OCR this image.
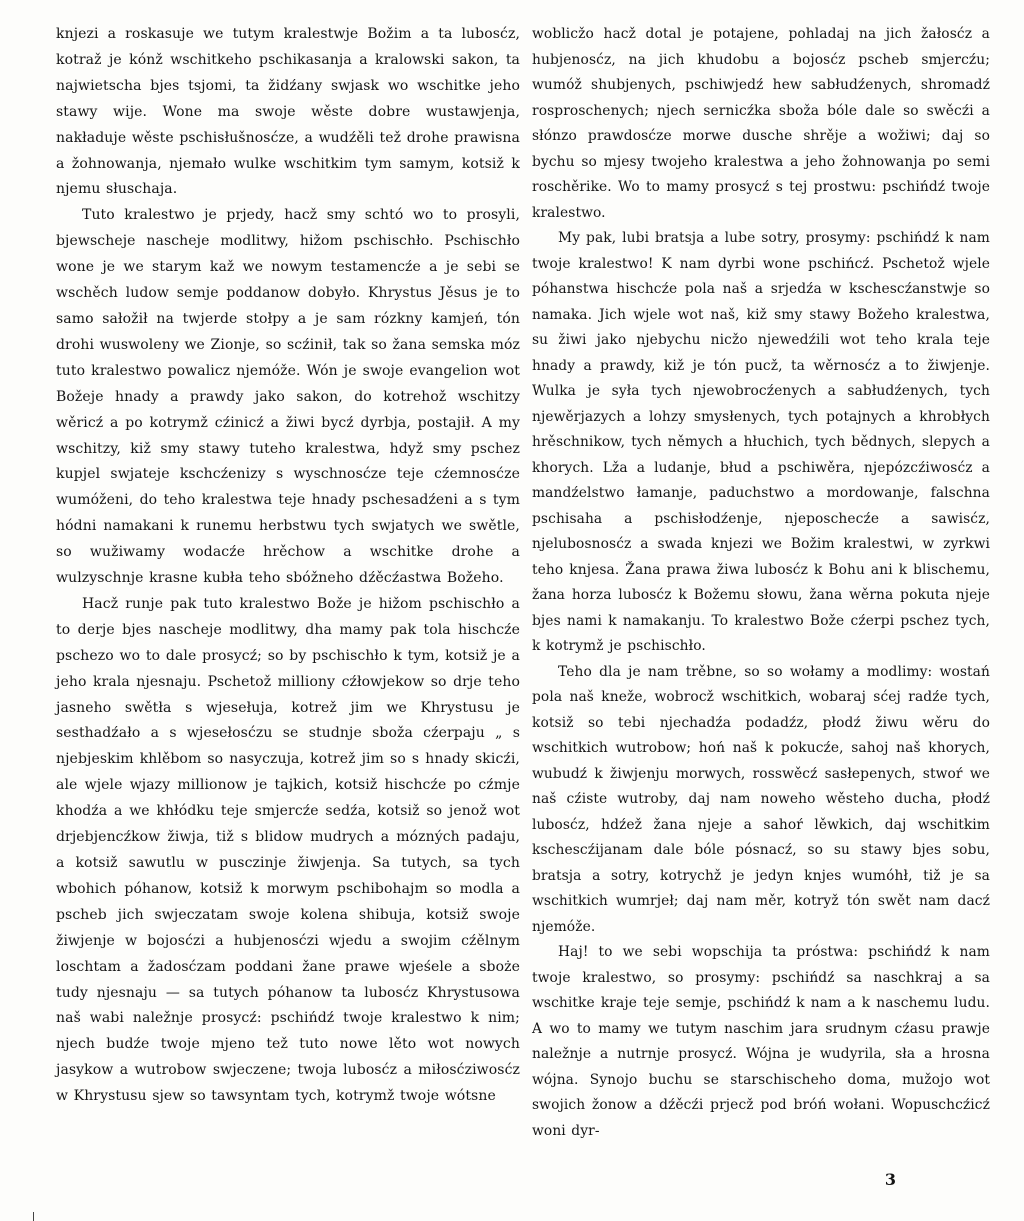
knjezi a roskasuje we tutym kralestwje Božim a ta lubosćz, kotraž je kónž wschitkeho pschikasanja a kralowski sakon, ta najwietscha bjes tsjomi, ta židźany swjask wo wschitke jeho stawy wije. Wone ma swoje wěste dobre wustawjenja, nakładuje wěste pschisłušnosćze, a wudźěli tež drohe prawisna a žohnowanja, njemało wulke wschitkim tym samym, kotsiž k njemu słuschaja.

Tuto kralestwo je prjedy, hacž smy schtó wo to prosyli, bjewscheje nascheje modlitwy, hižom pschischło. Pschischło wone je we starym kaž we nowym testamencźe a je sebi se wschěch ludow semje poddanow dobyło. Khrystus Jěsus je to samo sałožił na twjerde stołpy a je sam rózkny kamjeń, tón drohi wuswoleny we Zionje, so scźinił, tak so žana semska móz tuto kralestwo powalicz njemóže. Wón je swoje evangelion wot Božeje hnady a prawdy jako sakon, do kotrehož wschitzy wěricź a po kotrymž cźinicź a žiwi bycź dyrbja, postajił. A my wschitzy, kiž smy stawy tuteho kralestwa, hdyž smy pschez kupjel swjateje kschcźenizy s wyschnosćze teje cźemnosćze wumóženi, do teho kralestwa teje hnady pschesadźeni a s tym hódni namakani k runemu herbstwu tych swjatych we swětle, so wužiwamy wodacźe hrěchow a wschitke drohe a wulzyschnje krasne kubła teho sbóžneho dźěcźastwa Božeho.

Hacž runje pak tuto kralestwo Bože je hižom pschischło a to derje bjes nascheje modlitwy, dha mamy pak tola hischcźe pschezo wo to dale prosycź; so by pschischło k tym, kotsiž je a jeho krala njesnaju. Pschetož milliony cźłowjekow so drje teho jasneho swětła s wjesełuja, kotrež jim we Khrystusu je sesthadźało a s wjesełosćzu se studnje sboža cźerpaju „ s njebjeskim khlěbom so nasyczuja, kotrež jim so s hnady skicźi, ale wjele wjazy millionow je tajkich, kotsiž hischcźe po cźmje khodźa a we khłódku teje smjercźe sedźa, kotsiž so jenož wot drjebjencźkow žiwja, tiž s blidow mudrych a mózných padaju, a kotsiž sawutlu w pusczinje žiwjenja. Sa tutych, sa tych wbohich póhanow, kotsiž k morwym pschibohajm so modla a pscheb jich swjeczatam swoje kolena shibuja, kotsiž swoje žiwjenje w bojosćzi a hubjenosćzi wjedu a swojim cźělnym loschtam a žadosćzam poddani žane prawe wjeśele a sboże tudy njesnaju — sa tutych póhanow ta lubosćz Khrystusowa naš wabi naležnje prosycź: pschińdź twoje kralestwo k nim; njech budźe twoje mjeno tež tuto nowe lěto wot nowych jasykow a wutrobow swjeczene; twoja lubosćz a miłosćziwosćz w Khrystusu sjew so tawsyntam tych, kotrymž twoje wótsne

woblicžo hacž dotal je potajene, pohladaj na jich žałosćz a hubjenosćz, na jich khudobu a bojosćz pscheb smjercźu; wumóž shubjenych, pschiwjedź hew sabłudźenych, shromadź rosproschenych; njech sernicźka sboža bóle dale so swěcźi a słónzo prawdosćze morwe dusche shrěje a wožiwi; daj so bychu so mjesy twojeho kralestwa a jeho žohnowanja po semi roschěrike. Wo to mamy prosycź s tej prostwu: pschińdź twoje kralestwo.

My pak, lubi bratsja a lube sotry, prosymy: pschińdź k nam twoje kralestwo! K nam dyrbi wone pschińcź. Pschetož wjele póhanstwa hischcźe pola naš a srjedźa w kschescźanstwje so namaka. Jich wjele wot naš, kiž smy stawy Božeho kralestwa, su žiwi jako njebychu nicžo njewedźili wot teho krala teje hnady a prawdy, kiž je tón pucž, ta wěrnosćz a to žiwjenje. Wulka je syła tych njewobrocźenych a sabłudźenych, tych njewěrjazych a lohzy smysłenych, tych potajnych a khrobłych hrěschnikow, tych němych a hłuchich, tych bědnych, slepych a khorych. Lža a ludanje, błud a pschiwěra, njepózcźiwosćz a mandźelstwo łamanje, paduchstwo a mordowanje, falschna pschisaha a pschisłodźenje, njeposchecźe a sawisćz, njelubosnosćz a swada knjezi we Božim kralestwi, w zyrkwi teho knjesa. Žana prawa žiwa lubosćz k Bohu ani k blischemu, žana horza lubosćz k Božemu słowu, žana wěrna pokuta njeje bjes nami k namakanju. To kralestwo Bože cźerpi pschez tych, k kotrymž je pschischło.

Teho dla je nam trěbne, so so wołamy a modlimy: wostań pola naš kneže, wobrocž wschitkich, wobaraj sćej radźe tych, kotsiž so tebi njechadźa podadźz, płodź žiwu wěru do wschitkich wutrobow; hoń naš k pokucźe, sahoj naš khorych, wubudź k žiwjenju morwych, rosswěcź sasłepenych, stwoŕ we naš cźiste wutroby, daj nam noweho wěsteho ducha, płodź lubosćz, hdźež žana njeje a sahoŕ lěwkich, daj wschitkim kschescźijanam dale bóle pósnacź, so su stawy bjes sobu, bratsja a sotry, kotrychž je jedyn knjes wumóhł, tiž je sa wschitkich wumrjeł; daj nam měr, kotryž tón swět nam dacź njemóže.

Haj! to we sebi wopschija ta próstwa: pschińdź k nam twoje kralestwo, so prosymy: pschińdź sa naschkraj a sa wschitke kraje teje semje, pschińdź k nam a k naschemu ludu. A wo to mamy we tutym naschim jara srudnym cźasu prawje naležnje a nutrnje prosycź. Wójna je wudyrila, sła a hrosna wójna. Synojo buchu se starschischeho doma, mužojo wot swojich žonow a dźěcźi prjecž pod bróń wołani. Wopuschcźicź woni dyr-

3
